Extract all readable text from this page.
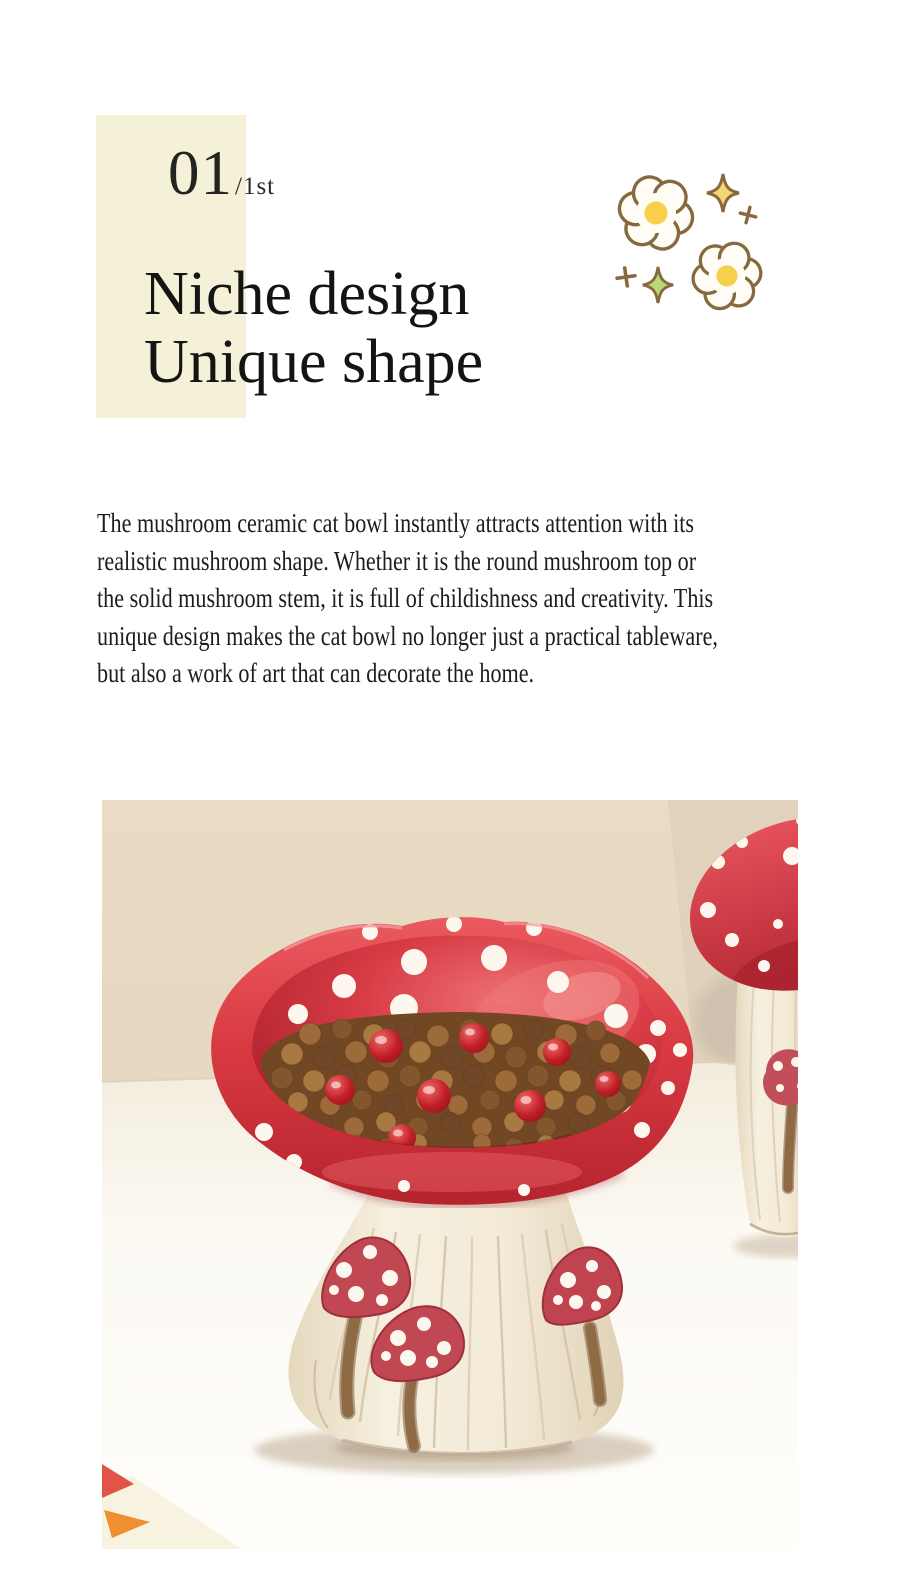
01 /1st
Niche design
Unique shape
The mushroom ceramic cat bowl instantly attracts attention with its
realistic mushroom shape. Whether it is the round mushroom top or
the solid mushroom stem, it is full of childishness and creativity. This
unique design makes the cat bowl no longer just a practical tableware,
but also a work of art that can decorate the home.
